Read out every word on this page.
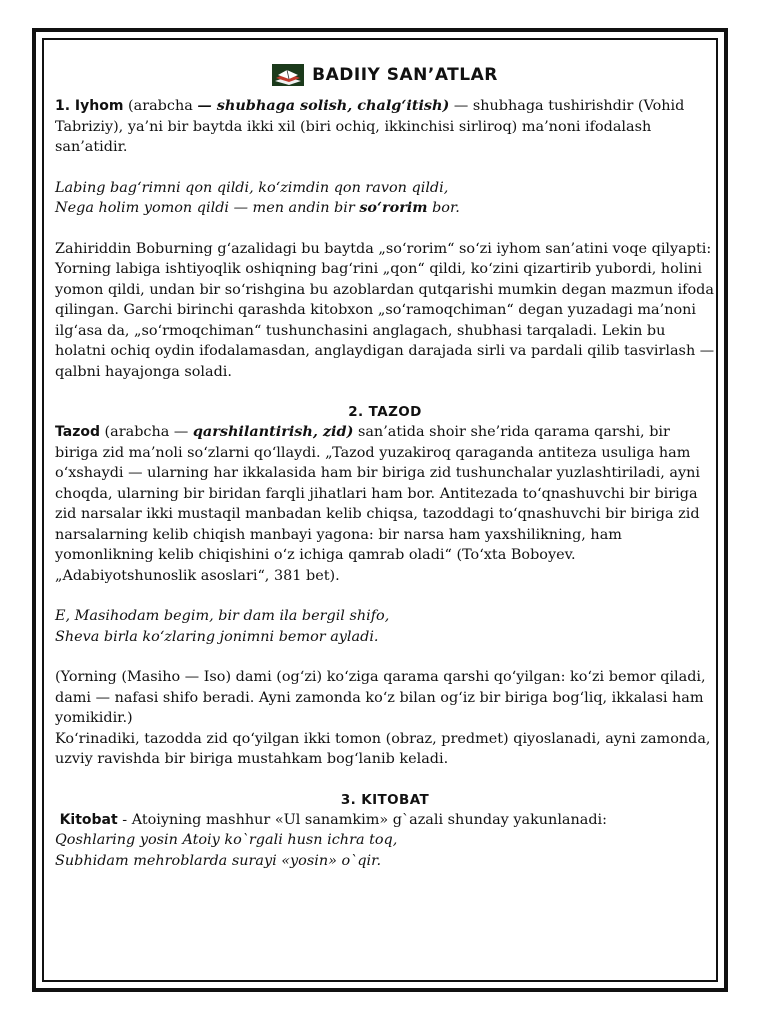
BADIIY SAN’ATLAR

1. Iyhom (arabcha — shubhaga solish, chalg‘itish) — shubhaga tushirishdir (Vohid Tabriziy), ya’ni bir baytda ikki xil (biri ochiq, ikkinchisi sirliroq) ma’noni ifodalash san’atidir.

Labing bag‘rimni qon qildi, ko‘zimdin qon ravon qildi,

Nega holim yomon qildi — men andin bir so‘rorim bor.

Zahiriddin Boburning g‘azalidagi bu baytda „so‘rorim“ so‘zi iyhom san’atini voqe qilyapti: Yorning labiga ishtiyoqlik oshiqning bag‘rini „qon“ qildi, ko‘zini qizartirib yubordi, holini yomon qildi, undan bir so‘rishgina bu azoblardan qutqarishi mumkin degan mazmun ifoda qilingan. Garchi birinchi qarashda kitobxon „so‘ramoqchiman“ degan yuzadagi ma’noni ilg‘asa da, „so‘rmoqchiman“ tushunchasini anglagach, shubhasi tarqaladi. Lekin bu holatni ochiq oydin ifodalamasdan, anglaydigan darajada sirli va pardali qilib tasvirlash — qalbni hayajonga soladi.

2. TAZOD

Tazod (arabcha — qarshilantirish, zid) san’atida shoir she’rida qarama qarshi, bir biriga zid ma’noli so‘zlarni qo‘llaydi. „Tazod yuzakiroq qaraganda antiteza usuliga ham o‘xshaydi — ularning har ikkalasida ham bir biriga zid tushunchalar yuzlashtiriladi, ayni choqda, ularning bir biridan farqli jihatlari ham bor. Antitezada to‘qnashuvchi bir biriga zid narsalar ikki mustaqil manbadan kelib chiqsa, tazoddagi to‘qnashuvchi bir biriga zid narsalarning kelib chiqish manbayi yagona: bir narsa ham yaxshilikning, ham yomonlikning kelib chiqishini o‘z ichiga qamrab oladi“ (To‘xta Boboyev. „Adabiyotshunoslik asoslari“, 381 bet).

E, Masihodam begim, bir dam ila bergil shifo,

Sheva birla ko‘zlaring jonimni bemor ayladi.

(Yorning (Masiho — Iso) dami (og‘zi) ko‘ziga qarama qarshi qo‘yilgan: ko‘zi bemor qiladi, dami — nafasi shifo beradi. Ayni zamonda ko‘z bilan og‘iz bir biriga bog‘liq, ikkalasi ham yomikidir.)

Ko‘rinadiki, tazodda zid qo‘yilgan ikki tomon (obraz, predmet) qiyoslanadi, ayni zamonda, uzviy ravishda bir biriga mustahkam bog‘lanib keladi.

3. KITOBAT

Kitobat - Atoiyning mashhur «Ul sanamkim» g`azali shunday yakunlanadi:

Qoshlaring yosin Atoiy ko`rgali husn ichra toq,

Subhidam mehroblarda surayi «yosin» o`qir.
